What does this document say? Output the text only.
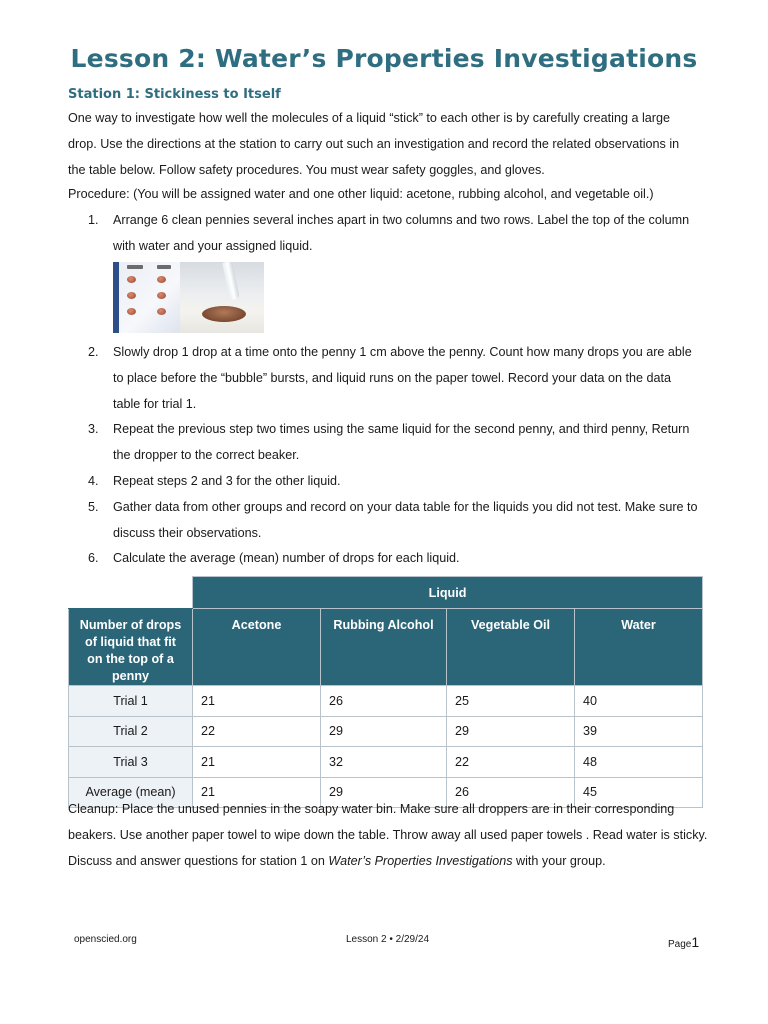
Lesson 2: Water’s Properties Investigations
Station 1: Stickiness to Itself

One way to investigate how well the molecules of a liquid “stick” to each other is by carefully creating a large drop. Use the directions at the station to carry out such an investigation and record the related observations in the table below. Follow safety procedures. You must wear safety goggles, and gloves.

Procedure: (You will be assigned water and one other liquid: acetone, rubbing alcohol, and vegetable oil.)

1.	Arrange 6 clean pennies several inches apart in two columns and two rows. Label the top of the column with water and your assigned liquid.
2.	Slowly drop 1 drop at a time onto the penny 1 cm above the penny. Count how many drops you are able to place before the “bubble” bursts, and liquid runs on the paper towel. Record your data on the data table for trial 1.
3.	Repeat the previous step two times using the same liquid for the second penny, and third penny, Return the dropper to the correct beaker.
4.	Repeat steps 2 and 3 for the other liquid.
5.	Gather data from other groups and record on your data table for the liquids you did not test. Make sure to discuss their observations.
6.	Calculate the average (mean) number of drops for each liquid.
	Liquid			
Number of drops of liquid that fit on the top of a penny	Acetone	Rubbing Alcohol	Vegetable Oil	Water
Trial 1	21	26	25	40
Trial 2	22	29	29	39
Trial 3	21	32	22	48
Average (mean)	21	29	26	45

Cleanup: Place the unused pennies in the soapy water bin. Make sure all droppers are in their corresponding beakers. Use another paper towel to wipe down the table. Throw away all used paper towels . Read water is sticky. Discuss and answer questions for station 1 on Water’s Properties Investigations with your group.

openscied.org	Lesson 2 • 2/29/24	Page1
